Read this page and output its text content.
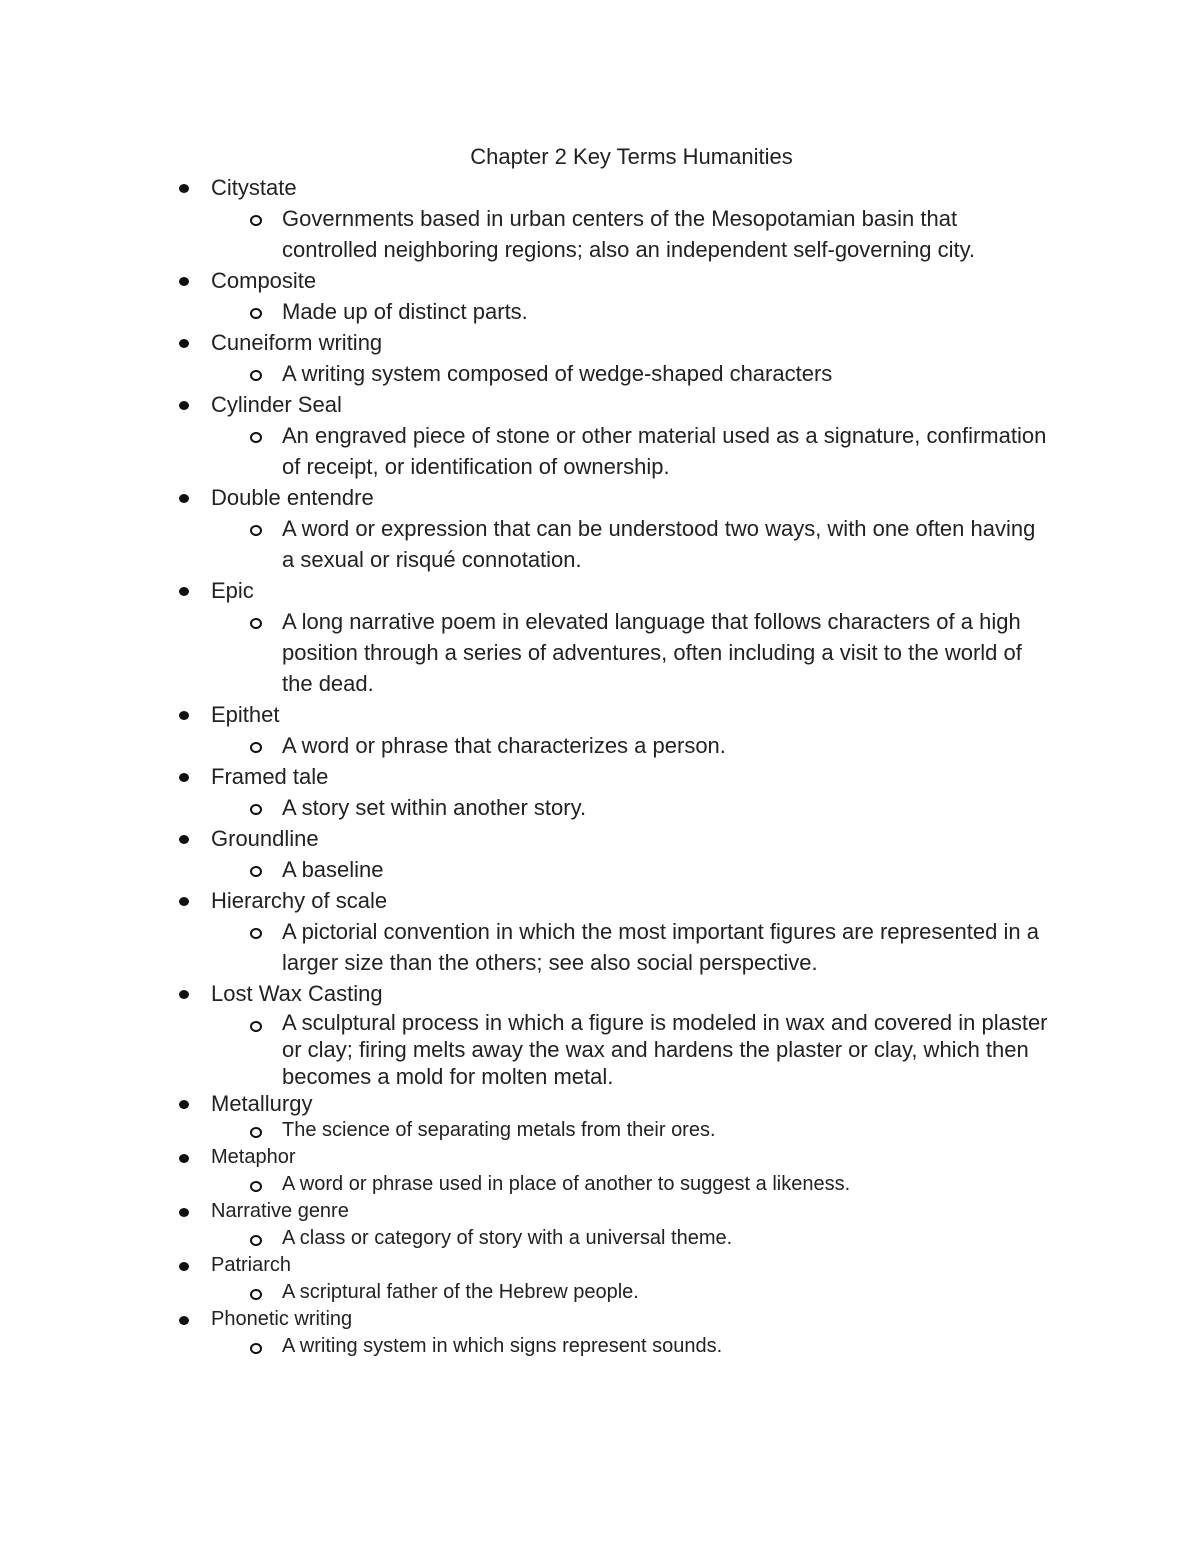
Chapter 2 Key Terms Humanities
Citystate
Governments based in urban centers of the Mesopotamian basin that controlled neighboring regions; also an independent self-governing city.
Composite
Made up of distinct parts.
Cuneiform writing
A writing system composed of wedge-shaped characters
Cylinder Seal
An engraved piece of stone or other material used as a signature, confirmation of receipt, or identification of ownership.
Double entendre
A word or expression that can be understood two ways, with one often having a sexual or risqué connotation.
Epic
A long narrative poem in elevated language that follows characters of a high position through a series of adventures, often including a visit to the world of the dead.
Epithet
A word or phrase that characterizes a person.
Framed tale
A story set within another story.
Groundline
A baseline
Hierarchy of scale
A pictorial convention in which the most important figures are represented in a larger size than the others; see also social perspective.
Lost Wax Casting
A sculptural process in which a figure is modeled in wax and covered in plaster or clay; firing melts away the wax and hardens the plaster or clay, which then becomes a mold for molten metal.
Metallurgy
The science of separating metals from their ores.
Metaphor
A word or phrase used in place of another to suggest a likeness.
Narrative genre
A class or category of story with a universal theme.
Patriarch
A scriptural father of the Hebrew people.
Phonetic writing
A writing system in which signs represent sounds.
